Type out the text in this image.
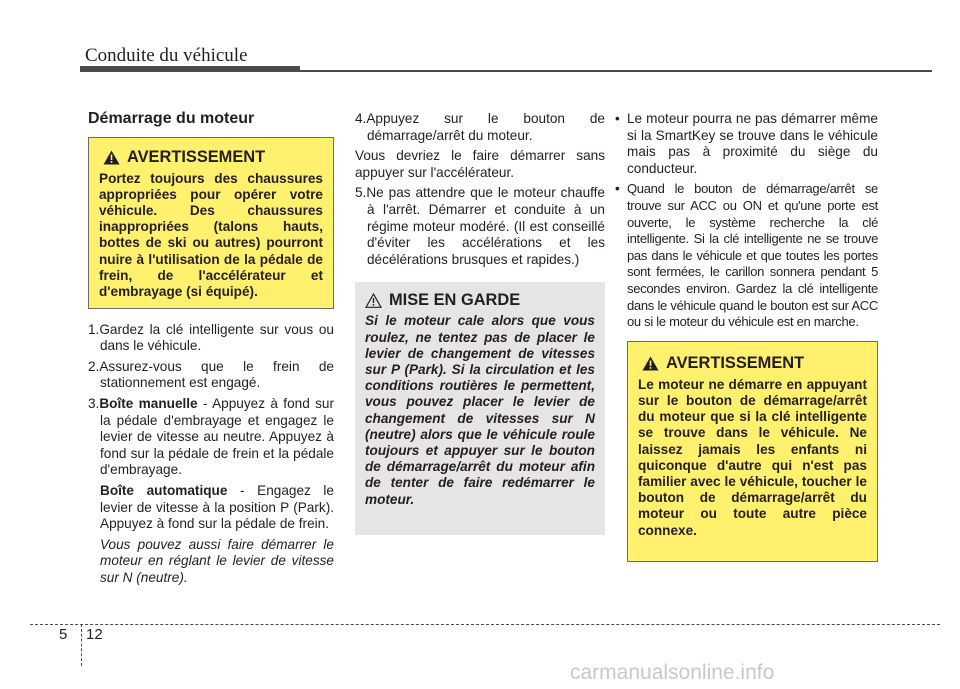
Conduite du véhicule
Démarrage du moteur
AVERTISSEMENT
Portez toujours des chaussures appropriées pour opérer votre véhicule. Des chaussures inappropriées (talons hauts, bottes de ski ou autres) pourront nuire à l'utilisation de la pédale de frein, de l'accélérateur et d'embrayage (si équipé).
1.Gardez la clé intelligente sur vous ou dans le véhicule.
2.Assurez-vous que le frein de stationnement est engagé.
3.Boîte manuelle - Appuyez à fond sur la pédale d'embrayage et engagez le levier de vitesse au neutre. Appuyez à fond sur la pédale de frein et la pédale d'embrayage.
Boîte automatique - Engagez le levier de vitesse à la position P (Park). Appuyez à fond sur la pédale de frein.
Vous pouvez aussi faire démarrer le moteur en réglant le levier de vitesse sur N (neutre).
4.Appuyez sur le bouton de démarrage/arrêt du moteur.
Vous devriez le faire démarrer sans appuyer sur l'accélérateur.
5.Ne pas attendre que le moteur chauffe à l'arrêt. Démarrer et conduite à un régime moteur modéré. (Il est conseillé d'éviter les accélérations et les décélérations brusques et rapides.)
MISE EN GARDE
Si le moteur cale alors que vous roulez, ne tentez pas de placer le levier de changement de vitesses sur P (Park). Si la circulation et les conditions routières le permettent, vous pouvez placer le levier de changement de vitesses sur N (neutre) alors que le véhicule roule toujours et appuyer sur le bouton de démarrage/arrêt du moteur afin de tenter de faire redémarrer le moteur.
• Le moteur pourra ne pas démarrer même si la SmartKey se trouve dans le véhicule mais pas à proximité du siège du conducteur.
• Quand le bouton de démarrage/arrêt se trouve sur ACC ou ON et qu'une porte est ouverte, le système recherche la clé intelligente. Si la clé intelligente ne se trouve pas dans le véhicule et que toutes les portes sont fermées, le carillon sonnera pendant 5 secondes environ. Gardez la clé intelligente dans le véhicule quand le bouton est sur ACC ou si le moteur du véhicule est en marche.
AVERTISSEMENT
Le moteur ne démarre en appuyant sur le bouton de démarrage/arrêt du moteur que si la clé intelligente se trouve dans le véhicule. Ne laissez jamais les enfants ni quiconque d'autre qui n'est pas familier avec le véhicule, toucher le bouton de démarrage/arrêt du moteur ou toute autre pièce connexe.
5 12
carmanualsonline.info
